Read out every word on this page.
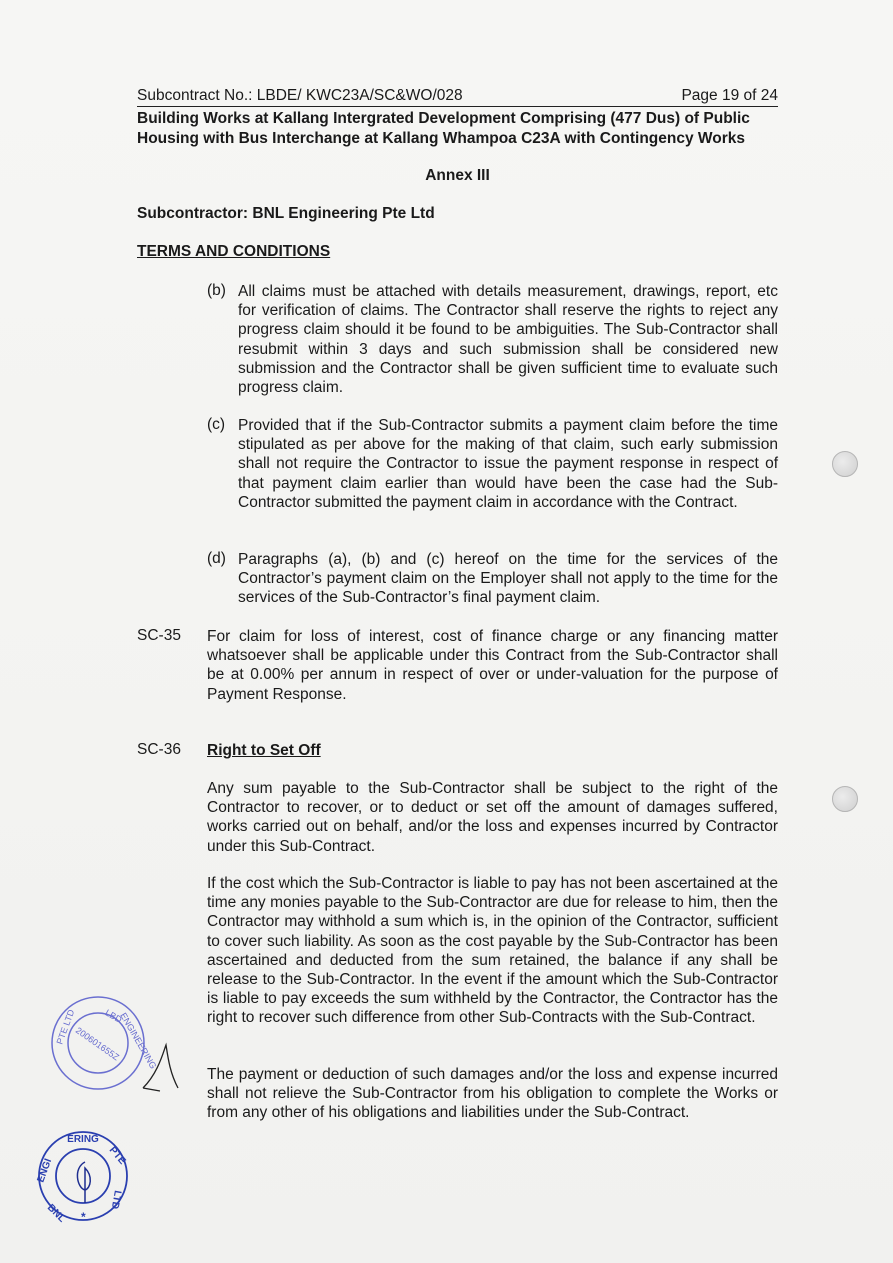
Subcontract No.: LBDE/ KWC23A/SC&WO/028	Page 19 of 24
Building Works at Kallang Intergrated Development Comprising (477 Dus) of Public Housing with Bus Interchange at Kallang Whampoa C23A with Contingency Works
Annex III
Subcontractor: BNL Engineering Pte Ltd
TERMS AND CONDITIONS
(b) All claims must be attached with details measurement, drawings, report, etc for verification of claims. The Contractor shall reserve the rights to reject any progress claim should it be found to be ambiguities. The Sub-Contractor shall resubmit within 3 days and such submission shall be considered new submission and the Contractor shall be given sufficient time to evaluate such progress claim.
(c) Provided that if the Sub-Contractor submits a payment claim before the time stipulated as per above for the making of that claim, such early submission shall not require the Contractor to issue the payment response in respect of that payment claim earlier than would have been the case had the Sub-Contractor submitted the payment claim in accordance with the Contract.
(d) Paragraphs (a), (b) and (c) hereof on the time for the services of the Contractor’s payment claim on the Employer shall not apply to the time for the services of the Sub-Contractor’s final payment claim.
SC-35 For claim for loss of interest, cost of finance charge or any financing matter whatsoever shall be applicable under this Contract from the Sub-Contractor shall be at 0.00% per annum in respect of over or under-valuation for the purpose of Payment Response.
SC-36 Right to Set Off
Any sum payable to the Sub-Contractor shall be subject to the right of the Contractor to recover, or to deduct or set off the amount of damages suffered, works carried out on behalf, and/or the loss and expenses incurred by Contractor under this Sub-Contract.
If the cost which the Sub-Contractor is liable to pay has not been ascertained at the time any monies payable to the Sub-Contractor are due for release to him, then the Contractor may withhold a sum which is, in the opinion of the Contractor, sufficient to cover such liability. As soon as the cost payable by the Sub-Contractor has been ascertained and deducted from the sum retained, the balance if any shall be release to the Sub-Contractor. In the event if the amount which the Sub-Contractor is liable to pay exceeds the sum withheld by the Contractor, the Contractor has the right to recover such difference from other Sub-Contracts with the Sub-Contract.
The payment or deduction of such damages and/or the loss and expense incurred shall not relieve the Sub-Contractor from his obligation to complete the Works or from any other of his obligations and liabilities under the Sub-Contract.
LBD
200601655Z
PTE LTD	ENGINEERING
ERING
ENGI
PTE
LTD
BNL *
